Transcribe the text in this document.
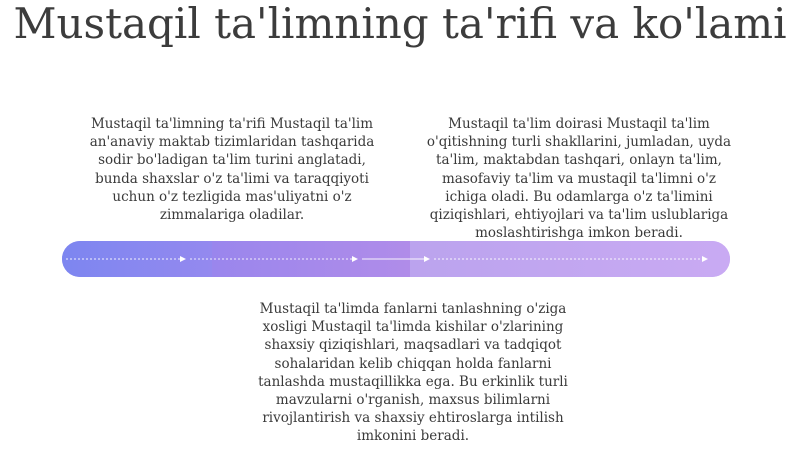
Mustaqil ta'limning ta'rifi va ko'lami

Mustaqil ta'limning ta'rifi Mustaqil ta'lim an'anaviy maktab tizimlaridan tashqarida sodir bo'ladigan ta'lim turini anglatadi, bunda shaxslar o'z ta'limi va taraqqiyoti uchun o'z tezligida mas'uliyatni o'z zimmalariga oladilar.

Mustaqil ta'lim doirasi Mustaqil ta'lim o'qitishning turli shakllarini, jumladan, uyda ta'lim, maktabdan tashqari, onlayn ta'lim, masofaviy ta'lim va mustaqil ta'limni o'z ichiga oladi. Bu odamlarga o'z ta'limini qiziqishlari, ehtiyojlari va ta'lim uslublariga moslashtirishga imkon beradi.

Mustaqil ta'limda fanlarni tanlashning o'ziga xosligi Mustaqil ta'limda kishilar o'zlarining shaxsiy qiziqishlari, maqsadlari va tadqiqot sohalaridan kelib chiqqan holda fanlarni tanlashda mustaqillikka ega. Bu erkinlik turli mavzularni o'rganish, maxsus bilimlarni rivojlantirish va shaxsiy ehtiroslarga intilish imkonini beradi.
